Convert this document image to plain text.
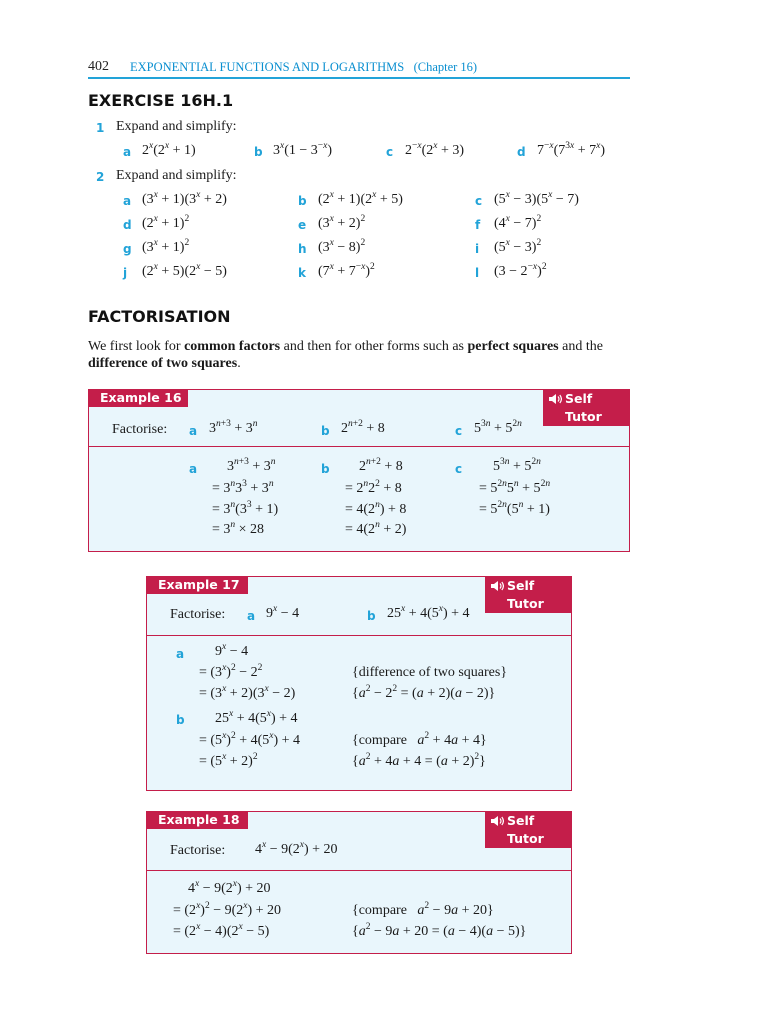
402 EXPONENTIAL FUNCTIONS AND LOGARITHMS (Chapter 16)
EXERCISE 16H.1
1 Expand and simplify:
a $2^x(2^x + 1)$	b $3^x(1 - 3^{-x})$	c $2^{-x}(2^x + 3)$	d $7^{-x}(7^{3x} + 7^x)$
2 Expand and simplify:
a $(3^x + 1)(3^x + 2)$	b $(2^x + 1)(2^x + 5)$	c $(5^x - 3)(5^x - 7)$
d $(2^x + 1)^2$	e $(3^x + 2)^2$	f $(4^x - 7)^2$
g $(3^x + 1)^2$	h $(3^x - 8)^2$	i $(5^x - 3)^2$
j $(2^x + 5)(2^x - 5)$	k $(7^x + 7^{-x})^2$	l $(3 - 2^{-x})^2$
FACTORISATION
We first look for common factors and then for other forms such as perfect squares and the
difference of two squares.
Example 16	Self Tutor
Factorise: a $3^{n+3} + 3^n$	b $2^{n+2} + 8$	c $5^{3n} + 5^{2n}$
a $3^{n+3} + 3^n$
= $3^n3^3 + 3^n$
= $3^n(3^3 + 1)$
= $3^n \times 28$
b $2^{n+2} + 8$
= $2^n2^2 + 8$
= $4(2^n) + 8$
= $4(2^n + 2)$
c $5^{3n} + 5^{2n}$
= $5^{2n}5^n + 5^{2n}$
= $5^{2n}(5^n + 1)$
Example 17	Self Tutor
Factorise: a $9^x - 4$	b $25^x + 4(5^x) + 4$
a $9^x - 4$
= $(3^x)^2 - 2^2$	{difference of two squares}
= $(3^x + 2)(3^x - 2)$	$\{a^2 - 2^2 = (a + 2)(a - 2)\}$
b $25^x + 4(5^x) + 4$
= $(5^x)^2 + 4(5^x) + 4$	{compare $a^2 + 4a + 4$}
= $(5^x + 2)^2$	$\{a^2 + 4a + 4 = (a + 2)^2\}$
Example 18	Self Tutor
Factorise: $4^x - 9(2^x) + 20$
$4^x - 9(2^x) + 20$
= $(2^x)^2 - 9(2^x) + 20$	{compare $a^2 - 9a + 20$}
= $(2^x - 4)(2^x - 5)$	$\{a^2 - 9a + 20 = (a - 4)(a - 5)\}$
